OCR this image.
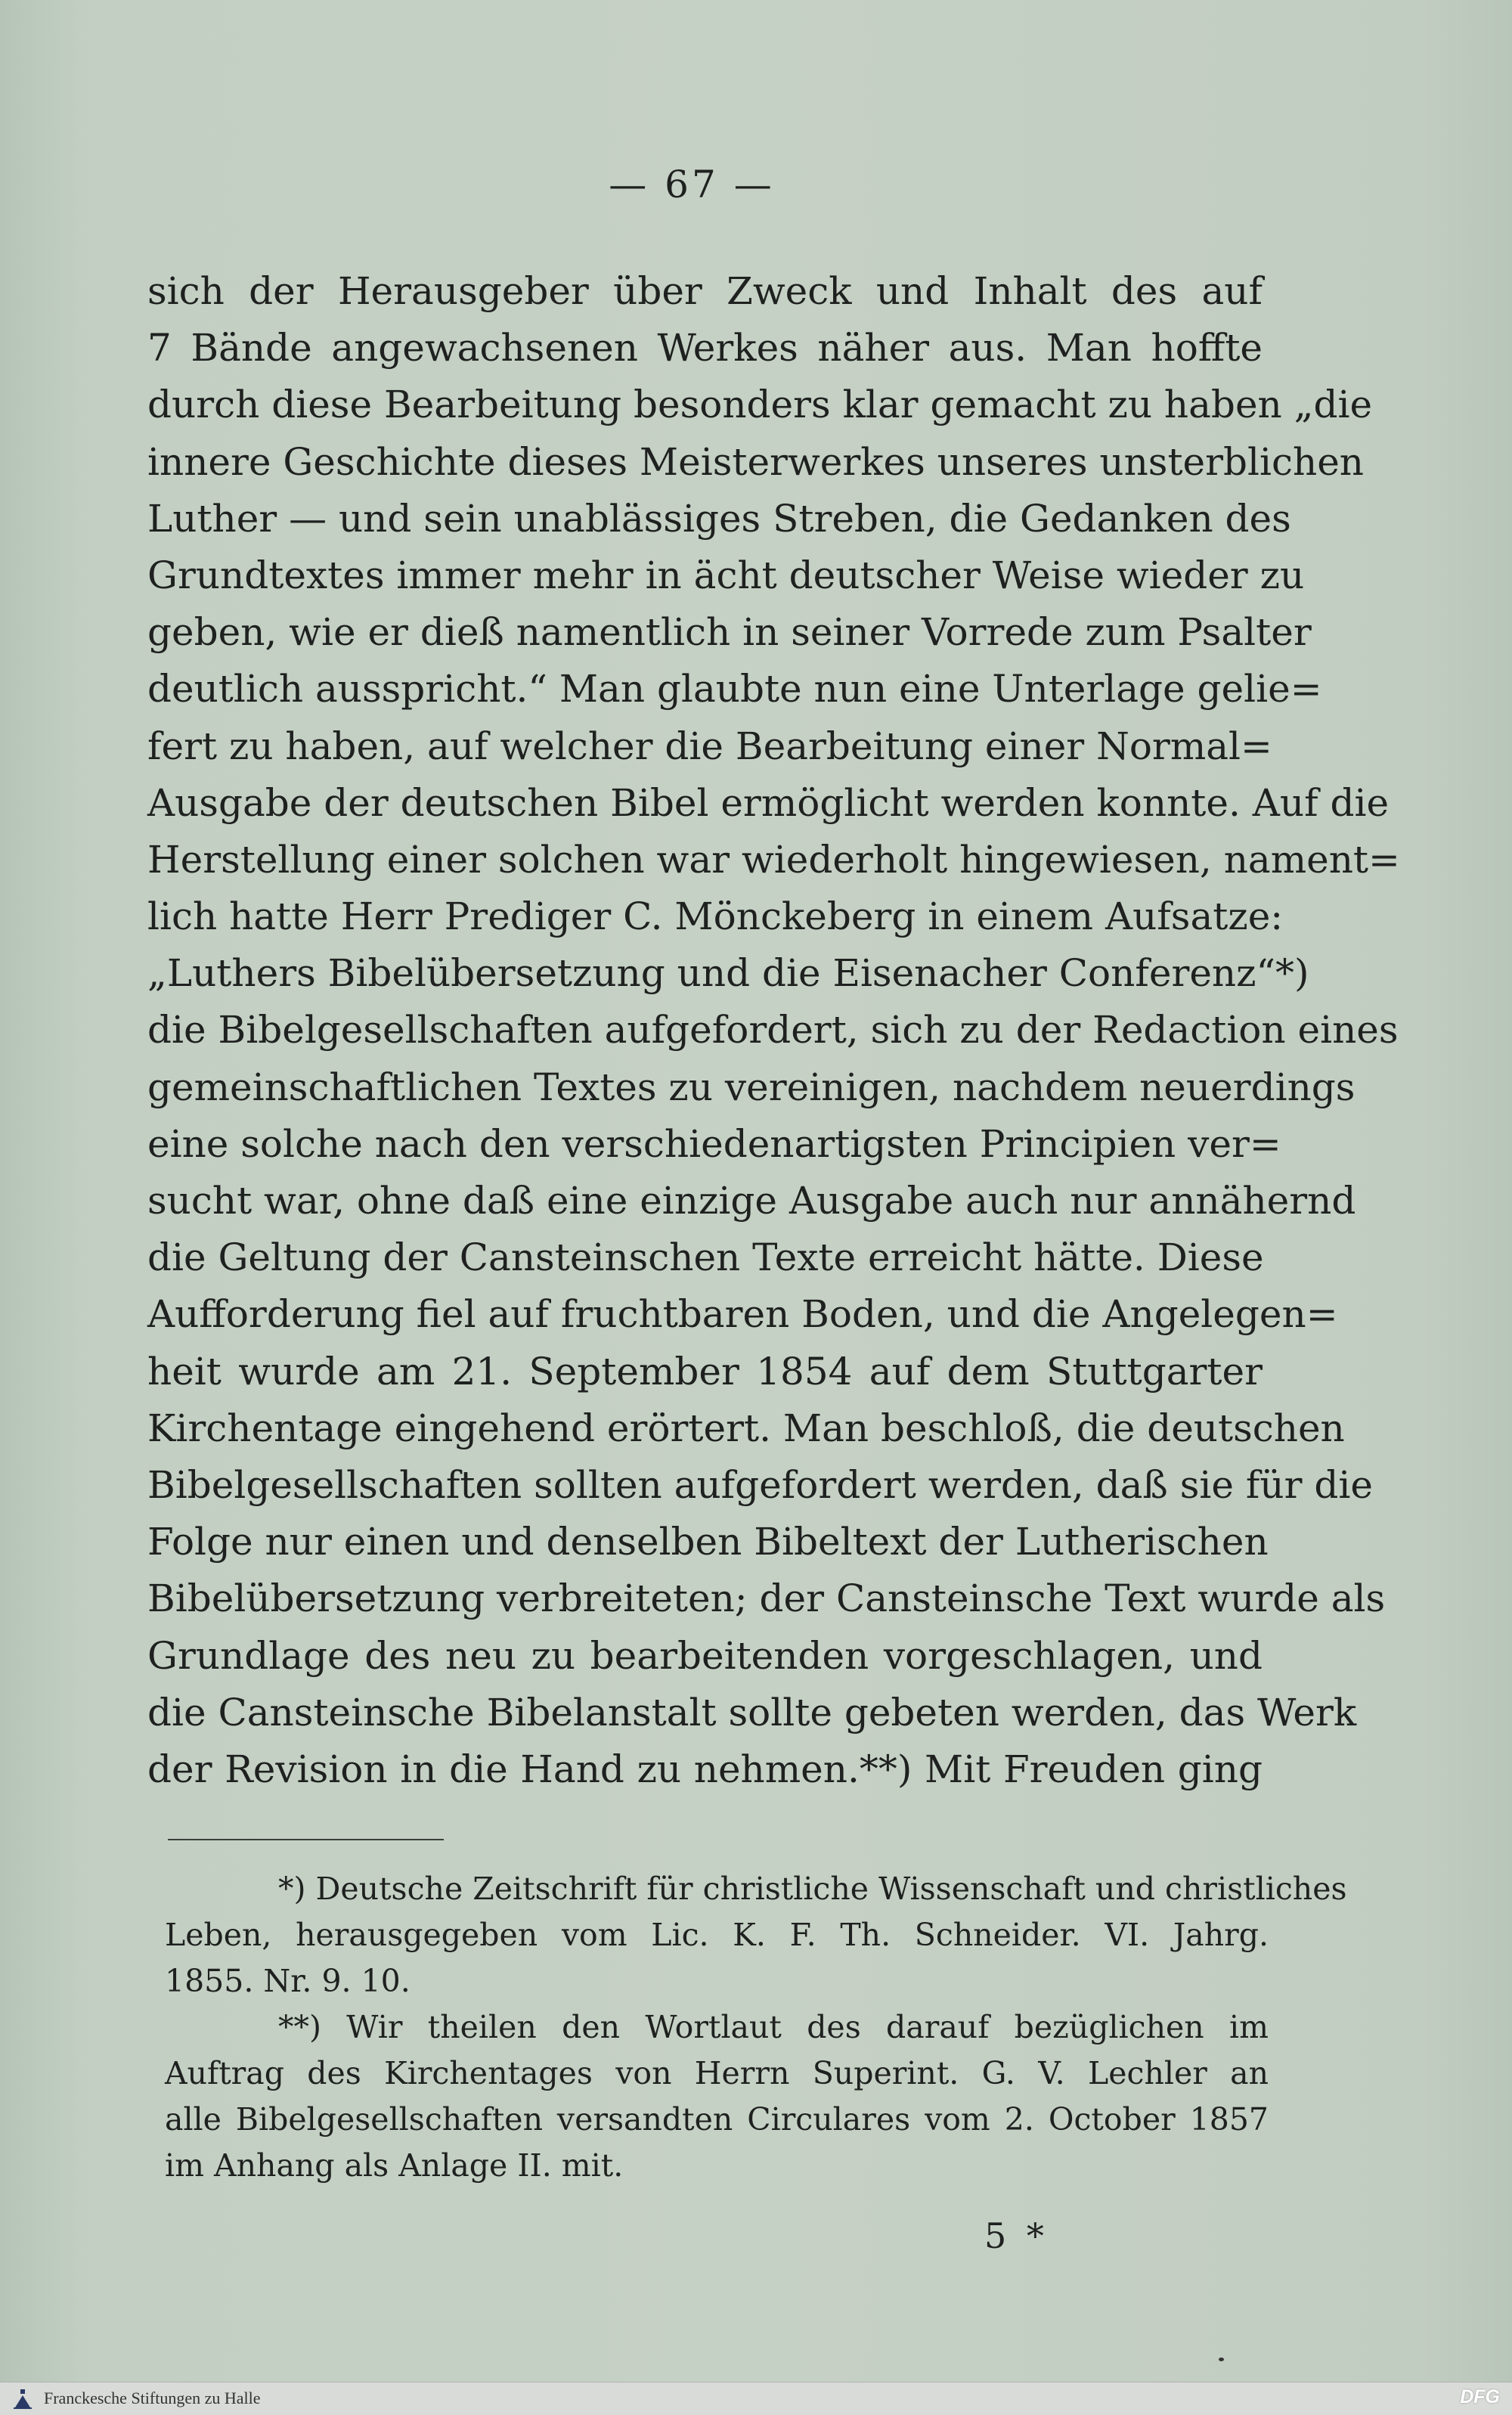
— 67 —
sich der Herausgeber über Zweck und Inhalt des auf
7 Bände angewachsenen Werkes näher aus. Man hoffte
durch diese Bearbeitung besonders klar gemacht zu haben „die
innere Geschichte dieses Meisterwerkes unseres unsterblichen
Luther — und sein unablässiges Streben, die Gedanken des
Grundtextes immer mehr in ächt deutscher Weise wieder zu
geben, wie er dieß namentlich in seiner Vorrede zum Psalter
deutlich ausspricht.“ Man glaubte nun eine Unterlage gelie=
fert zu haben, auf welcher die Bearbeitung einer Normal=
Ausgabe der deutschen Bibel ermöglicht werden konnte. Auf die
Herstellung einer solchen war wiederholt hingewiesen, nament=
lich hatte Herr Prediger C. Mönckeberg in einem Aufsatze:
„Luthers Bibelübersetzung und die Eisenacher Conferenz“*)
die Bibelgesellschaften aufgefordert, sich zu der Redaction eines
gemeinschaftlichen Textes zu vereinigen, nachdem neuerdings
eine solche nach den verschiedenartigsten Principien ver=
sucht war, ohne daß eine einzige Ausgabe auch nur annähernd
die Geltung der Cansteinschen Texte erreicht hätte. Diese
Aufforderung fiel auf fruchtbaren Boden, und die Angelegen=
heit wurde am 21. September 1854 auf dem Stuttgarter
Kirchentage eingehend erörtert. Man beschloß, die deutschen
Bibelgesellschaften sollten aufgefordert werden, daß sie für die
Folge nur einen und denselben Bibeltext der Lutherischen
Bibelübersetzung verbreiteten; der Cansteinsche Text wurde als
Grundlage des neu zu bearbeitenden vorgeschlagen, und
die Cansteinsche Bibelanstalt sollte gebeten werden, das Werk
der Revision in die Hand zu nehmen.**) Mit Freuden ging
*) Deutsche Zeitschrift für christliche Wissenschaft und christliches
Leben, herausgegeben vom Lic. K. F. Th. Schneider. VI. Jahrg.
1855. Nr. 9. 10.
**) Wir theilen den Wortlaut des darauf bezüglichen im
Auftrag des Kirchentages von Herrn Superint. G. V. Lechler an
alle Bibelgesellschaften versandten Circulares vom 2. October 1857
im Anhang als Anlage II. mit.
5 *
Franckesche Stiftungen zu Halle	DFG
